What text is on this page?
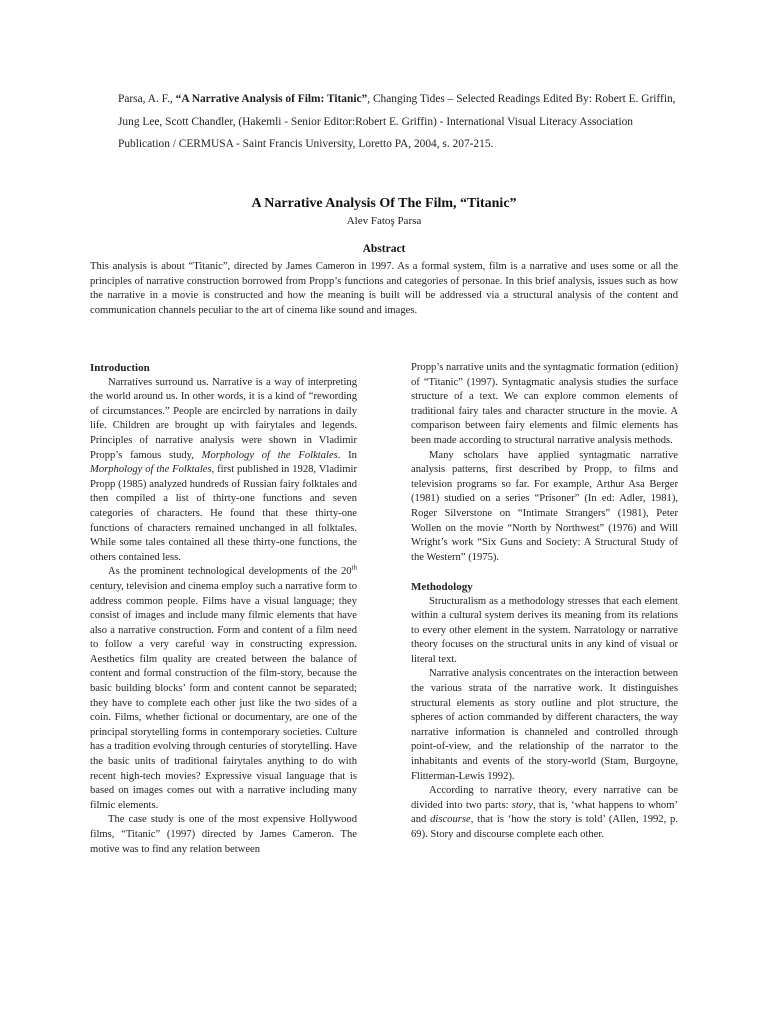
Parsa, A. F., “A Narrative Analysis of Film: Titanic”, Changing Tides – Selected Readings Edited By: Robert E. Griffin, Jung Lee, Scott Chandler, (Hakemli - Senior Editor:Robert E. Griffin) - International Visual Literacy Association Publication / CERMUSA - Saint Francis University, Loretto PA, 2004, s. 207-215.
A Narrative Analysis Of The Film, “Titanic”
Alev Fatoş Parsa
Abstract
This analysis is about “Titanic”, directed by James Cameron in 1997. As a formal system, film is a narrative and uses some or all the principles of narrative construction borrowed from Propp’s functions and categories of personae. In this brief analysis, issues such as how the narrative in a movie is constructed and how the meaning is built will be addressed via a structural analysis of the content and communication channels peculiar to the art of cinema like sound and images.
Introduction

Narratives surround us. Narrative is a way of interpreting the world around us. In other words, it is a kind of “rewording of circumstances.” People are encircled by narrations in daily life. Children are brought up with fairytales and legends. Principles of narrative analysis were shown in Vladimir Propp’s famous study, Morphology of the Folktales. In Morphology of the Folktales, first published in 1928, Vladimir Propp (1985) analyzed hundreds of Russian fairy folktales and then compiled a list of thirty-one functions and seven categories of characters. He found that these thirty-one functions of characters remained unchanged in all folktales. While some tales contained all these thirty-one functions, the others contained less.

As the prominent technological developments of the 20th century, television and cinema employ such a narrative form to address common people. Films have a visual language; they consist of images and include many filmic elements that have also a narrative construction. Form and content of a film need to follow a very careful way in constructing expression. Aesthetics film quality are created between the balance of content and formal construction of the film-story, because the basic building blocks’ form and content cannot be separated; they have to complete each other just like the two sides of a coin. Films, whether fictional or documentary, are one of the principal storytelling forms in contemporary societies. Culture has a tradition evolving through centuries of storytelling. Have the basic units of traditional fairytales anything to do with recent high-tech movies? Expressive visual language that is based on images comes out with a narrative including many filmic elements.

The case study is one of the most expensive Hollywood films, “Titanic” (1997) directed by James Cameron. The motive was to find any relation between

Propp’s narrative units and the syntagmatic formation (edition) of “Titanic” (1997). Syntagmatic analysis studies the surface structure of a text. We can explore common elements of traditional fairy tales and character structure in the movie. A comparison between fairy elements and filmic elements has been made according to structural narrative analysis methods.

Many scholars have applied syntagmatic narrative analysis patterns, first described by Propp, to films and television programs so far. For example, Arthur Asa Berger (1981) studied on a series “Prisoner” (In ed: Adler, 1981), Roger Silverstone on “Intimate Strangers” (1981), Peter Wollen on the movie “North by Northwest” (1976) and Will Wright’s work “Six Guns and Society: A Structural Study of the Western” (1975).

Methodology

Structuralism as a methodology stresses that each element within a cultural system derives its meaning from its relations to every other element in the system. Narratology or narrative theory focuses on the structural units in any kind of visual or literal text.

Narrative analysis concentrates on the interaction between the various strata of the narrative work. It distinguishes structural elements as story outline and plot structure, the spheres of action commanded by different characters, the way narrative information is channeled and controlled through point-of-view, and the relationship of the narrator to the inhabitants and events of the story-world (Stam, Burgoyne, Flitterman-Lewis 1992).

According to narrative theory, every narrative can be divided into two parts: story, that is, ‘what happens to whom’ and discourse, that is ‘how the story is told’ (Allen, 1992, p. 69). Story and discourse complete each other.
